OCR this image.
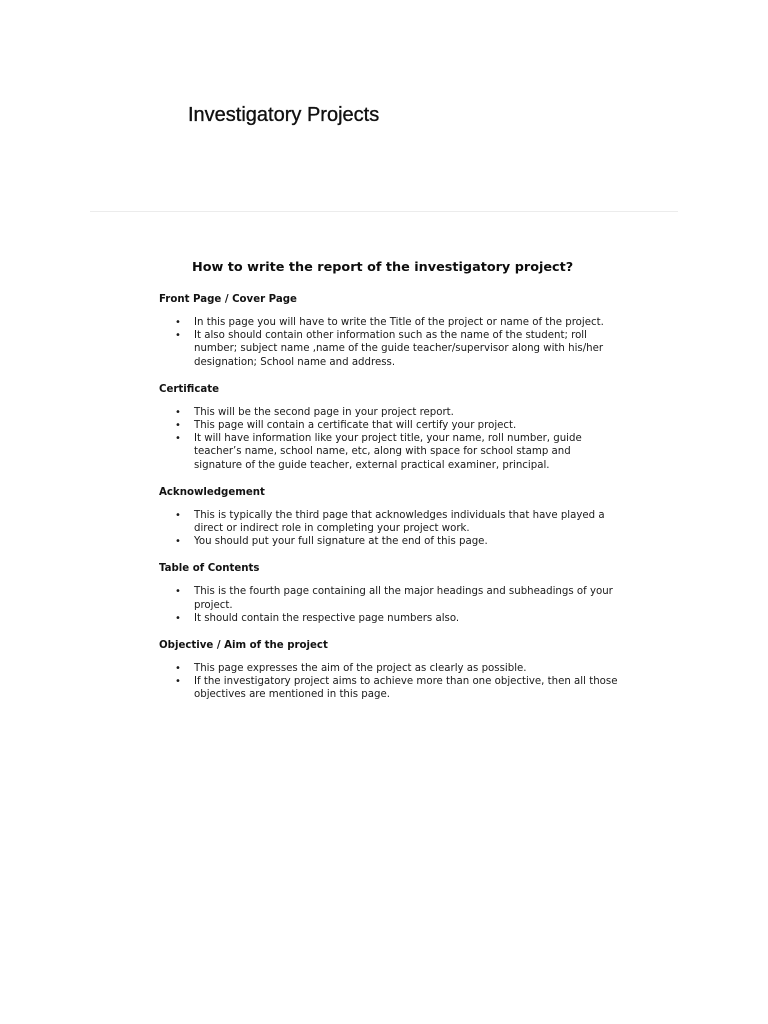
Investigatory Projects
How to write the report of the investigatory project?
Front Page / Cover Page
• In this page you will have to write the Title of the project or name of the project.
• It also should contain other information such as the name of the student; roll number; subject name ,name of the guide teacher/supervisor along with his/her designation; School name and address.
Certificate
• This will be the second page in your project report.
• This page will contain a certificate that will certify your project.
• It will have information like your project title, your name, roll number, guide teacher’s name, school name, etc, along with space for school stamp and signature of the guide teacher, external practical examiner, principal.
Acknowledgement
• This is typically the third page that acknowledges individuals that have played a direct or indirect role in completing your project work.
• You should put your full signature at the end of this page.
Table of Contents
• This is the fourth page containing all the major headings and subheadings of your project.
• It should contain the respective page numbers also.
Objective / Aim of the project
• This page expresses the aim of the project as clearly as possible.
• If the investigatory project aims to achieve more than one objective, then all those objectives are mentioned in this page.
